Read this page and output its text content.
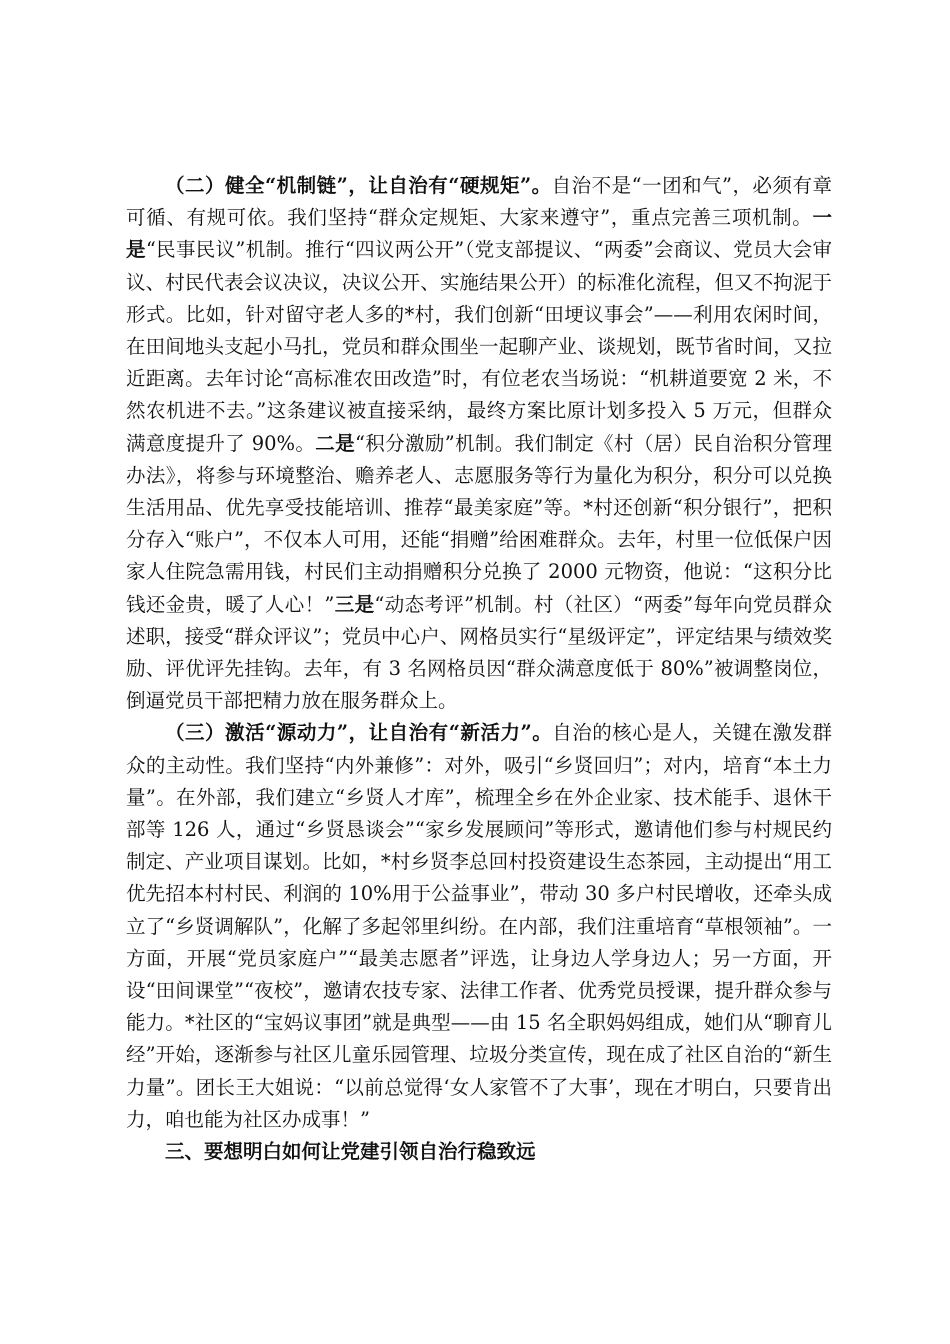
（二）健全“机制链”，让自治有“硬规矩”。自治不是“一团和气”，必须有章可循、有规可依。我们坚持“群众定规矩、大家来遵守”，重点完善三项机制。一是“民事民议”机制。推行“四议两公开”（党支部提议、“两委”会商议、党员大会审议、村民代表会议决议，决议公开、实施结果公开）的标准化流程，但又不拘泥于形式。比如，针对留守老人多的*村，我们创新“田埂议事会”——利用农闲时间，在田间地头支起小马扎，党员和群众围坐一起聊产业、谈规划，既节省时间，又拉近距离。去年讨论“高标准农田改造”时，有位老农当场说：“机耕道要宽 2 米，不然农机进不去。”这条建议被直接采纳，最终方案比原计划多投入 5 万元，但群众满意度提升了 90%。二是“积分激励”机制。我们制定《村（居）民自治积分管理办法》，将参与环境整治、赡养老人、志愿服务等行为量化为积分，积分可以兑换生活用品、优先享受技能培训、推荐“最美家庭”等。*村还创新“积分银行”，把积分存入“账户”，不仅本人可用，还能“捐赠”给困难群众。去年，村里一位低保户因家人住院急需用钱，村民们主动捐赠积分兑换了 2000 元物资，他说：“这积分比钱还金贵，暖了人心！”三是“动态考评”机制。村（社区）“两委”每年向党员群众述职，接受“群众评议”；党员中心户、网格员实行“星级评定”，评定结果与绩效奖励、评优评先挂钩。去年，有 3 名网格员因“群众满意度低于 80%”被调整岗位，倒逼党员干部把精力放在服务群众上。

（三）激活“源动力”，让自治有“新活力”。自治的核心是人，关键在激发群众的主动性。我们坚持“内外兼修”：对外，吸引“乡贤回归”；对内，培育“本土力量”。在外部，我们建立“乡贤人才库”，梳理全乡在外企业家、技术能手、退休干部等 126 人，通过“乡贤恳谈会”“家乡发展顾问”等形式，邀请他们参与村规民约制定、产业项目谋划。比如，*村乡贤李总回村投资建设生态茶园，主动提出“用工优先招本村村民、利润的 10%用于公益事业”，带动 30 多户村民增收，还牵头成立了“乡贤调解队”，化解了多起邻里纠纷。在内部，我们注重培育“草根领袖”。一方面，开展“党员家庭户”“最美志愿者”评选，让身边人学身边人；另一方面，开设“田间课堂”“夜校”，邀请农技专家、法律工作者、优秀党员授课，提升群众参与能力。*社区的“宝妈议事团”就是典型——由 15 名全职妈妈组成，她们从“聊育儿经”开始，逐渐参与社区儿童乐园管理、垃圾分类宣传，现在成了社区自治的“新生力量”。团长王大姐说：“以前总觉得‘女人家管不了大事’，现在才明白，只要肯出力，咱也能为社区办成事！”

三、要想明白如何让党建引领自治行稳致远
